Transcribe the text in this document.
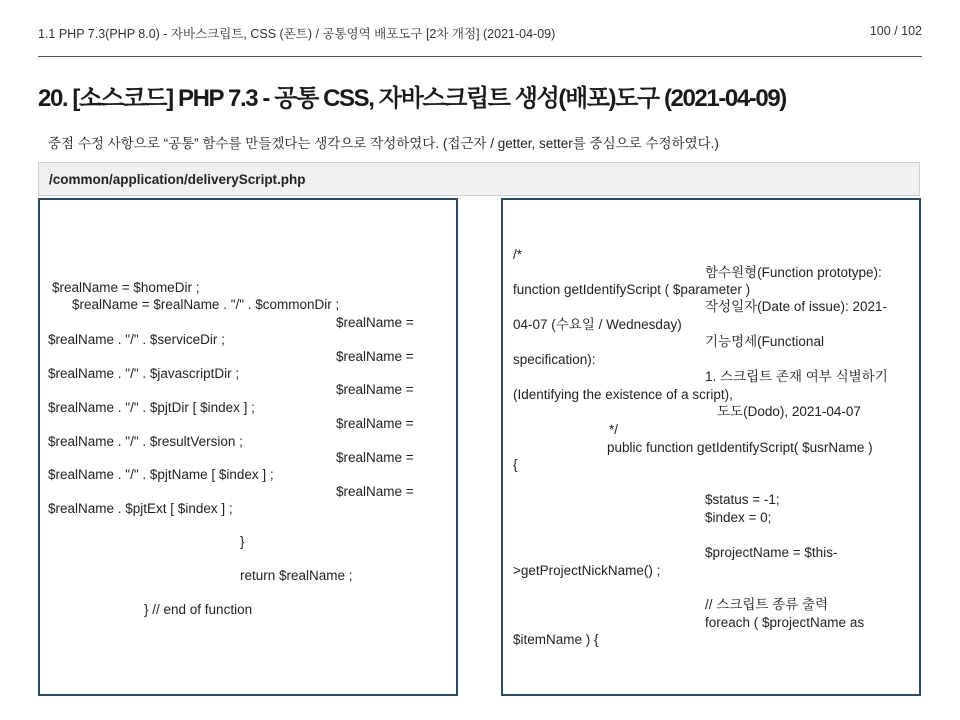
1.1 PHP 7.3(PHP 8.0) - 자바스크립트, CSS (폰트) / 공통영역 배포도구 [2차 개정] (2021-04-09)	100 / 102
20. [소스코드] PHP 7.3 - 공통 CSS, 자바스크립트 생성(배포)도구 (2021-04-09)
중점 수정 사항으로 “공통” 함수를 만들겠다는 생각으로 작성하였다. (접근자 / getter, setter를 중심으로 수정하였다.)
/common/application/deliveryScript.php
$realName = $homeDir ;
$realName = $realName . "/" . $commonDir ;
$realName =
$realName . "/" . $serviceDir ;
$realName =
$realName . "/" . $javascriptDir ;
$realName =
$realName . "/" . $pjtDir [ $index ] ;
$realName =
$realName . "/" . $resultVersion ;
$realName =
$realName . "/" . $pjtName [ $index ] ;
$realName =
$realName . $pjtExt [ $index ] ;
}
return $realName ;
} // end of function
/*
함수원형(Function prototype):
function getIdentifyScript ( $parameter )
작성일자(Date of issue): 2021-
04-07 (수요일 / Wednesday)
기능명세(Functional
specification):
1. 스크립트 존재 여부 식별하기
(Identifying the existence of a script),
도도(Dodo), 2021-04-07
*/
public function getIdentifyScript( $usrName )
{
$status = -1;
$index = 0;
$projectName = $this-
>getProjectNickName() ;
// 스크립트 종류 출력
foreach ( $projectName as
$itemName ) {
